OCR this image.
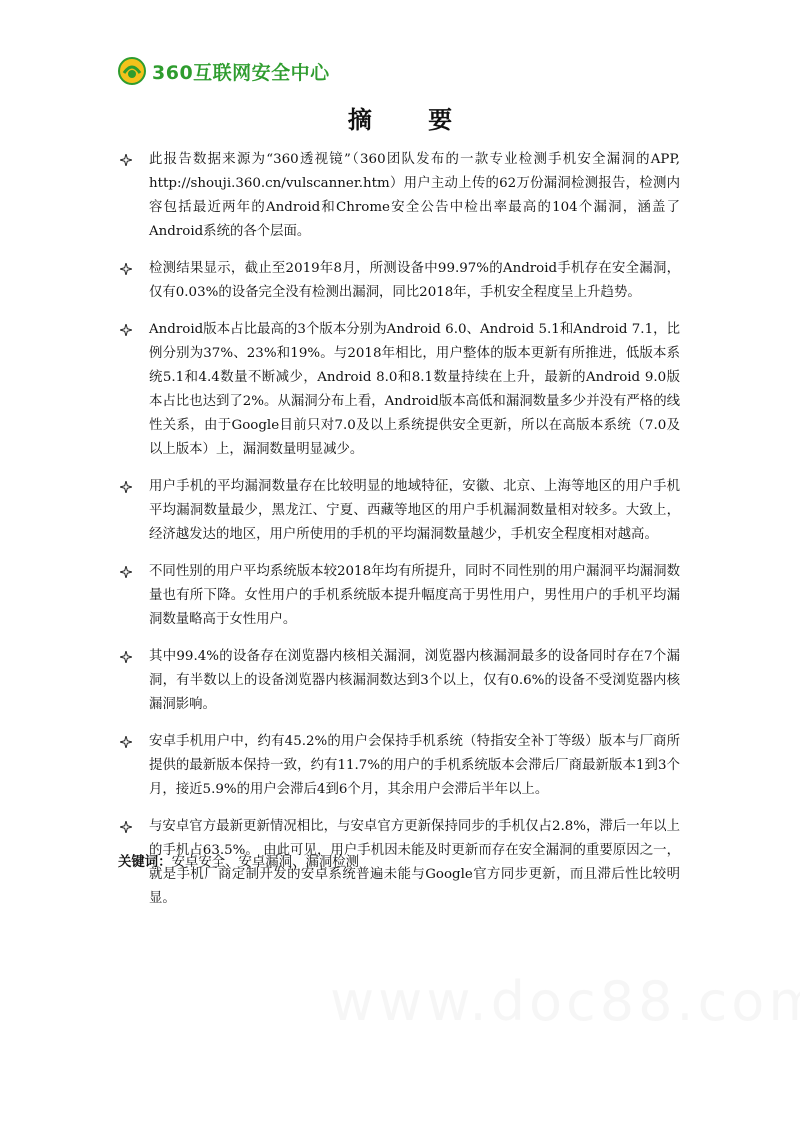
360互联网安全中心
摘 要
此报告数据来源为“360透视镜”（360团队发布的一款专业检测手机安全漏洞的APP, http://shouji.360.cn/vulscanner.htm）用户主动上传的62万份漏洞检测报告，检测内容包括最近两年的Android和Chrome安全公告中检出率最高的104个漏洞，涵盖了Android系统的各个层面。
检测结果显示，截止至2019年8月，所测设备中99.97%的Android手机存在安全漏洞，仅有0.03%的设备完全没有检测出漏洞，同比2018年，手机安全程度呈上升趋势。
Android版本占比最高的3个版本分别为Android 6.0、Android 5.1和Android 7.1，比例分别为37%、23%和19%。与2018年相比，用户整体的版本更新有所推进，低版本系统5.1和4.4数量不断减少，Android 8.0和8.1数量持续在上升，最新的Android 9.0版本占比也达到了2%。从漏洞分布上看，Android版本高低和漏洞数量多少并没有严格的线性关系，由于Google目前只对7.0及以上系统提供安全更新，所以在高版本系统（7.0及以上版本）上，漏洞数量明显减少。
用户手机的平均漏洞数量存在比较明显的地域特征，安徽、北京、上海等地区的用户手机平均漏洞数量最少，黑龙江、宁夏、西藏等地区的用户手机漏洞数量相对较多。大致上，经济越发达的地区，用户所使用的手机的平均漏洞数量越少，手机安全程度相对越高。
不同性别的用户平均系统版本较2018年均有所提升，同时不同性别的用户漏洞平均漏洞数量也有所下降。女性用户的手机系统版本提升幅度高于男性用户，男性用户的手机平均漏洞数量略高于女性用户。
其中99.4%的设备存在浏览器内核相关漏洞，浏览器内核漏洞最多的设备同时存在7个漏洞，有半数以上的设备浏览器内核漏洞数达到3个以上，仅有0.6%的设备不受浏览器内核漏洞影响。
安卓手机用户中，约有45.2%的用户会保持手机系统（特指安全补丁等级）版本与厂商所提供的最新版本保持一致，约有11.7%的用户的手机系统版本会滞后厂商最新版本1到3个月，接近5.9%的用户会滞后4到6个月，其余用户会滞后半年以上。
与安卓官方最新更新情况相比，与安卓官方更新保持同步的手机仅占2.8%，滞后一年以上的手机占63.5%。 由此可见，用户手机因未能及时更新而存在安全漏洞的重要原因之一，就是手机厂商定制开发的安卓系统普遍未能与Google官方同步更新，而且滞后性比较明显。
关键词：安卓安全、安卓漏洞、漏洞检测
